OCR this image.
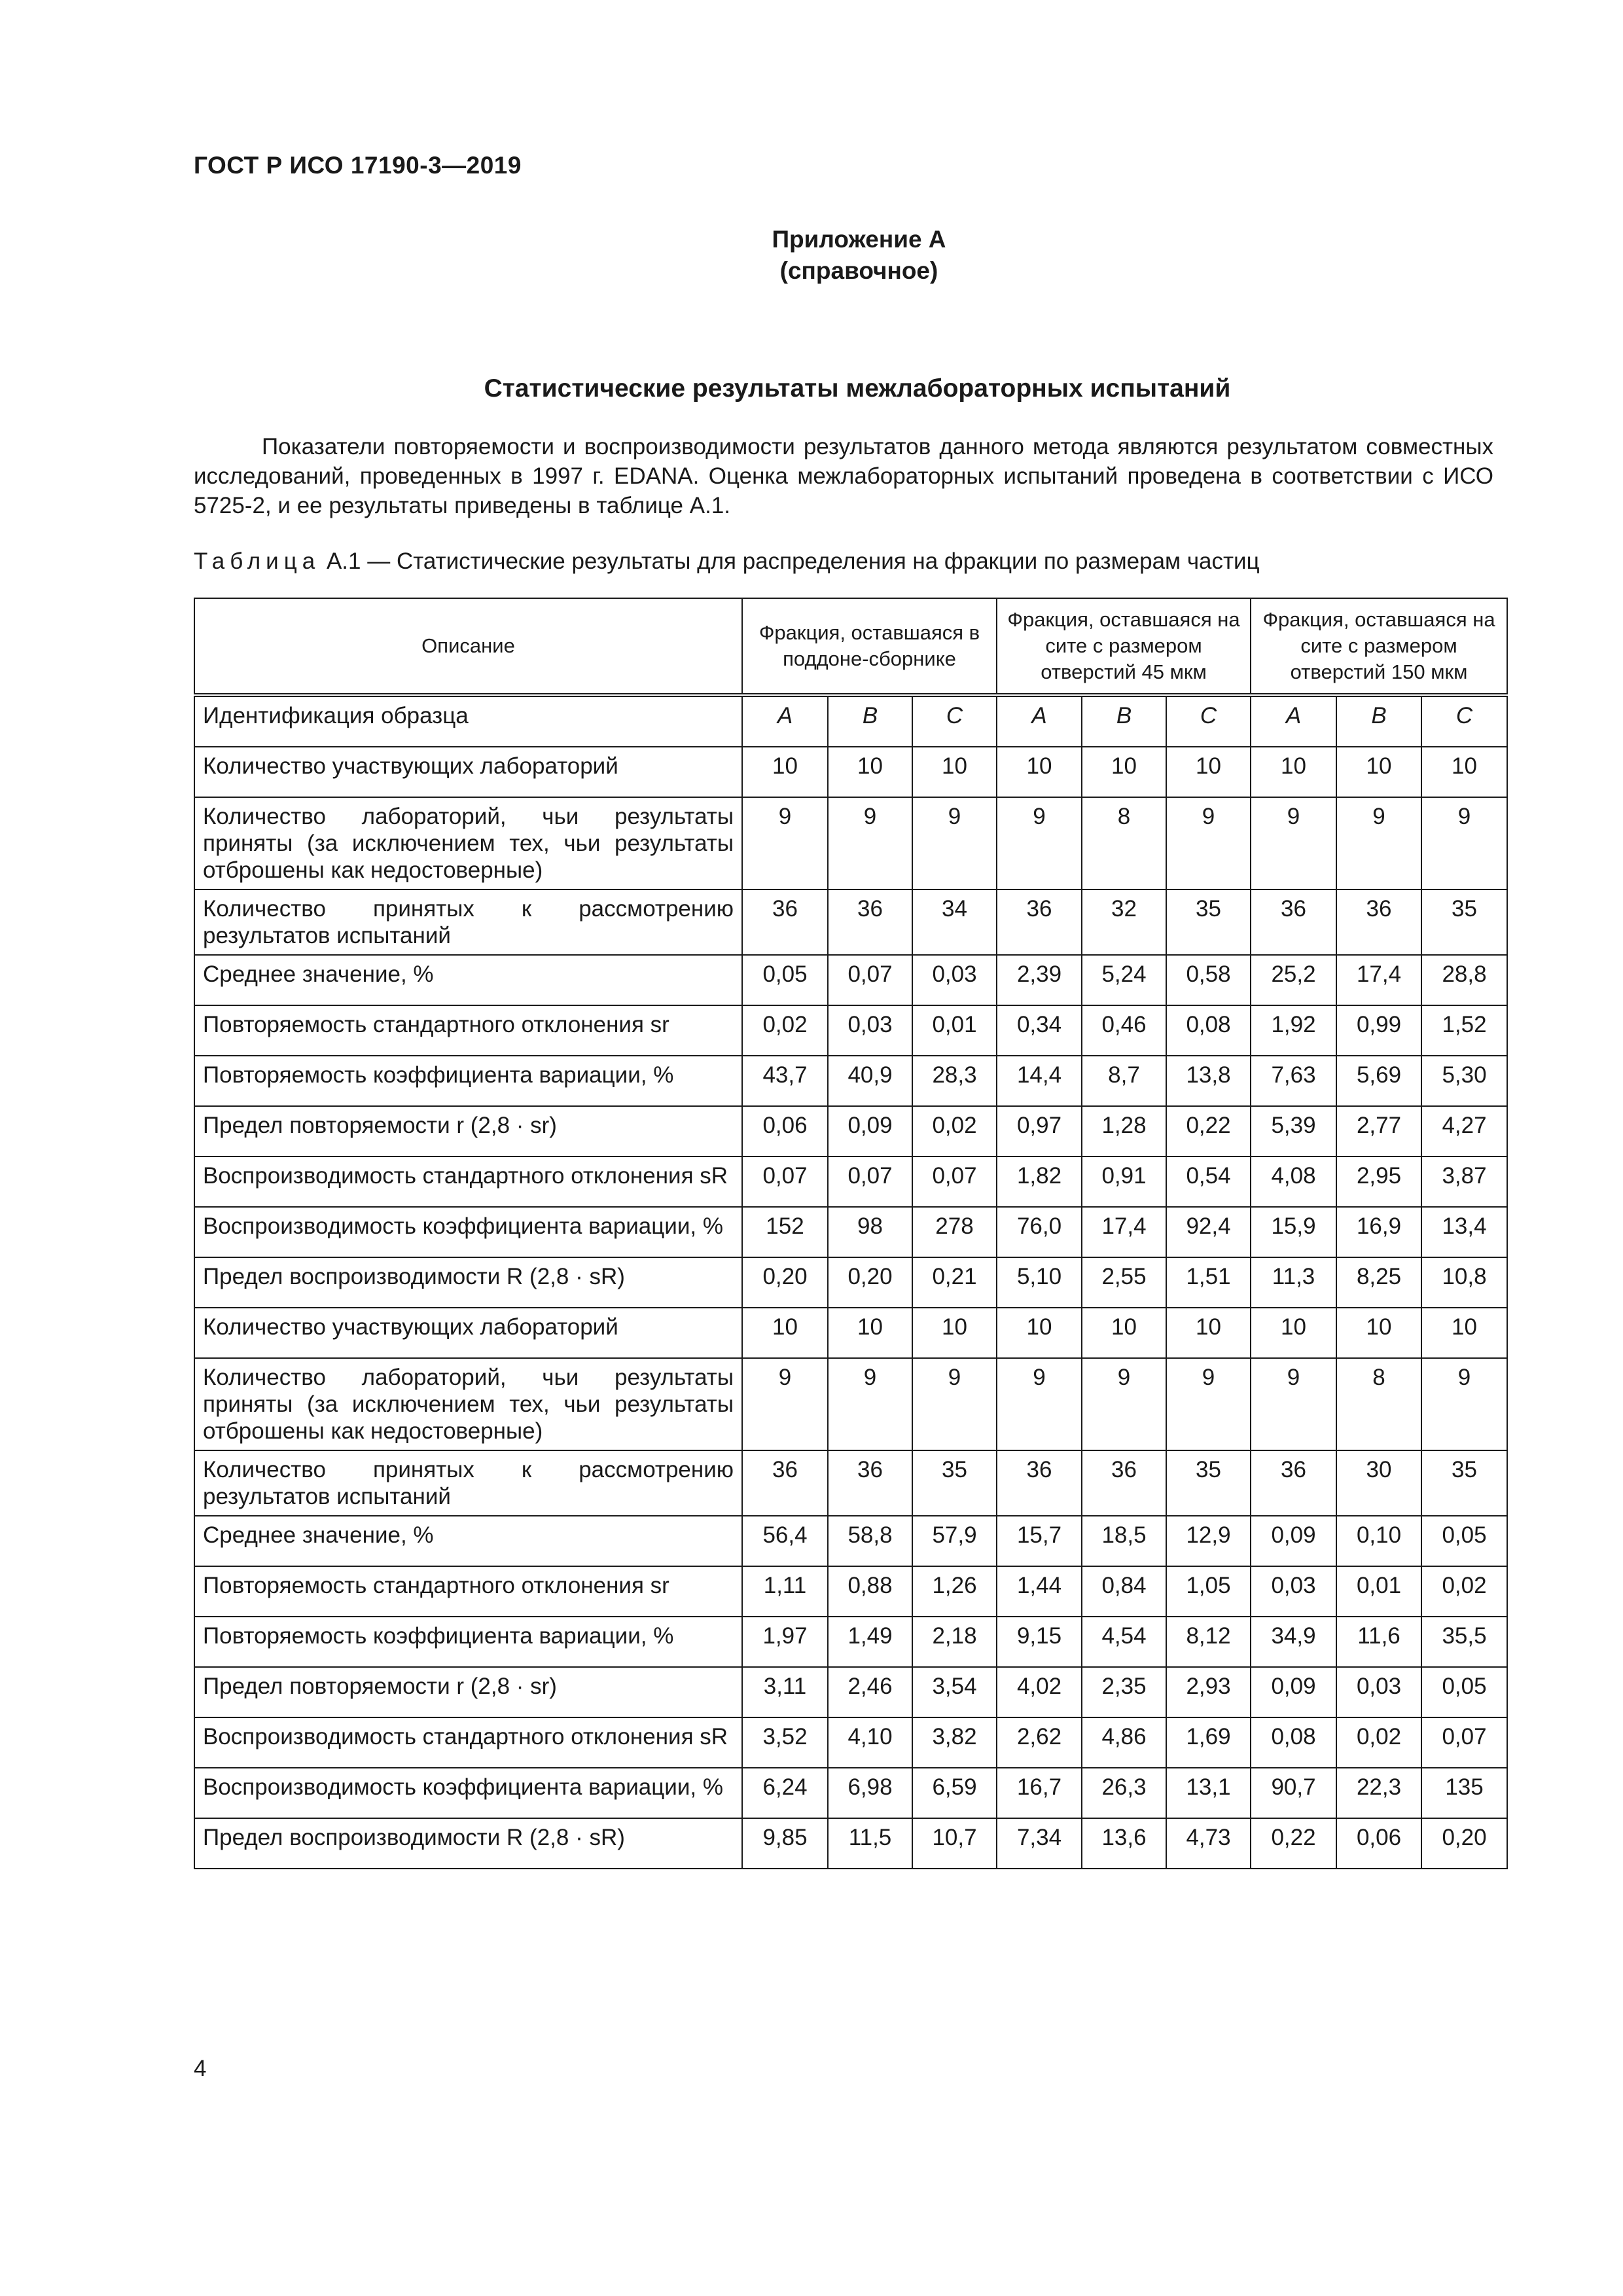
ГОСТ Р ИСО 17190-3—2019
Приложение А
(справочное)
Статистические результаты межлабораторных испытаний

Показатели повторяемости и воспроизводимости результатов данного метода являются результатом совместных исследований, проведенных в 1997 г. EDANA. Оценка межлабораторных испытаний проведена в соответствии с ИСО 5725-2, и ее результаты приведены в таблице А.1.

Таблица А.1 — Статистические результаты для распределения на фракции по размерам частиц

Описание	Фракция, оставшаяся в поддоне-сборнике			Фракция, оставшаяся на сите с размером отверстий 45 мкм			Фракция, оставшаяся на сите с размером отверстий 150 мкм		
Идентификация образца	A	B	C	A	B	C	A	B	C
Количество участвующих лабораторий	10	10	10	10	10	10	10	10	10
Количество лабораторий, чьи результаты приняты (за исключением тех, чьи результаты отброшены как недостоверные)	9	9	9	9	8	9	9	9	9
Количество принятых к рассмотрению результатов испытаний	36	36	34	36	32	35	36	36	35
Среднее значение, %	0,05	0,07	0,03	2,39	5,24	0,58	25,2	17,4	28,8
Повторяемость стандартного отклонения sr	0,02	0,03	0,01	0,34	0,46	0,08	1,92	0,99	1,52
Повторяемость коэффициента вариации, %	43,7	40,9	28,3	14,4	8,7	13,8	7,63	5,69	5,30
Предел повторяемости r (2,8 · sr)	0,06	0,09	0,02	0,97	1,28	0,22	5,39	2,77	4,27
Воспроизводимость стандартного отклонения sR	0,07	0,07	0,07	1,82	0,91	0,54	4,08	2,95	3,87
Воспроизводимость коэффициента вариации, %	152	98	278	76,0	17,4	92,4	15,9	16,9	13,4
Предел воспроизводимости R (2,8 · sR)	0,20	0,20	0,21	5,10	2,55	1,51	11,3	8,25	10,8
Количество участвующих лабораторий	10	10	10	10	10	10	10	10	10
Количество лабораторий, чьи результаты приняты (за исключением тех, чьи результаты отброшены как недостоверные)	9	9	9	9	9	9	9	8	9
Количество принятых к рассмотрению результатов испытаний	36	36	35	36	36	35	36	30	35
Среднее значение, %	56,4	58,8	57,9	15,7	18,5	12,9	0,09	0,10	0,05
Повторяемость стандартного отклонения sr	1,11	0,88	1,26	1,44	0,84	1,05	0,03	0,01	0,02
Повторяемость коэффициента вариации, %	1,97	1,49	2,18	9,15	4,54	8,12	34,9	11,6	35,5
Предел повторяемости r (2,8 · sr)	3,11	2,46	3,54	4,02	2,35	2,93	0,09	0,03	0,05
Воспроизводимость стандартного отклонения sR	3,52	4,10	3,82	2,62	4,86	1,69	0,08	0,02	0,07
Воспроизводимость коэффициента вариации, %	6,24	6,98	6,59	16,7	26,3	13,1	90,7	22,3	135
Предел воспроизводимости R (2,8 · sR)	9,85	11,5	10,7	7,34	13,6	4,73	0,22	0,06	0,20
4
